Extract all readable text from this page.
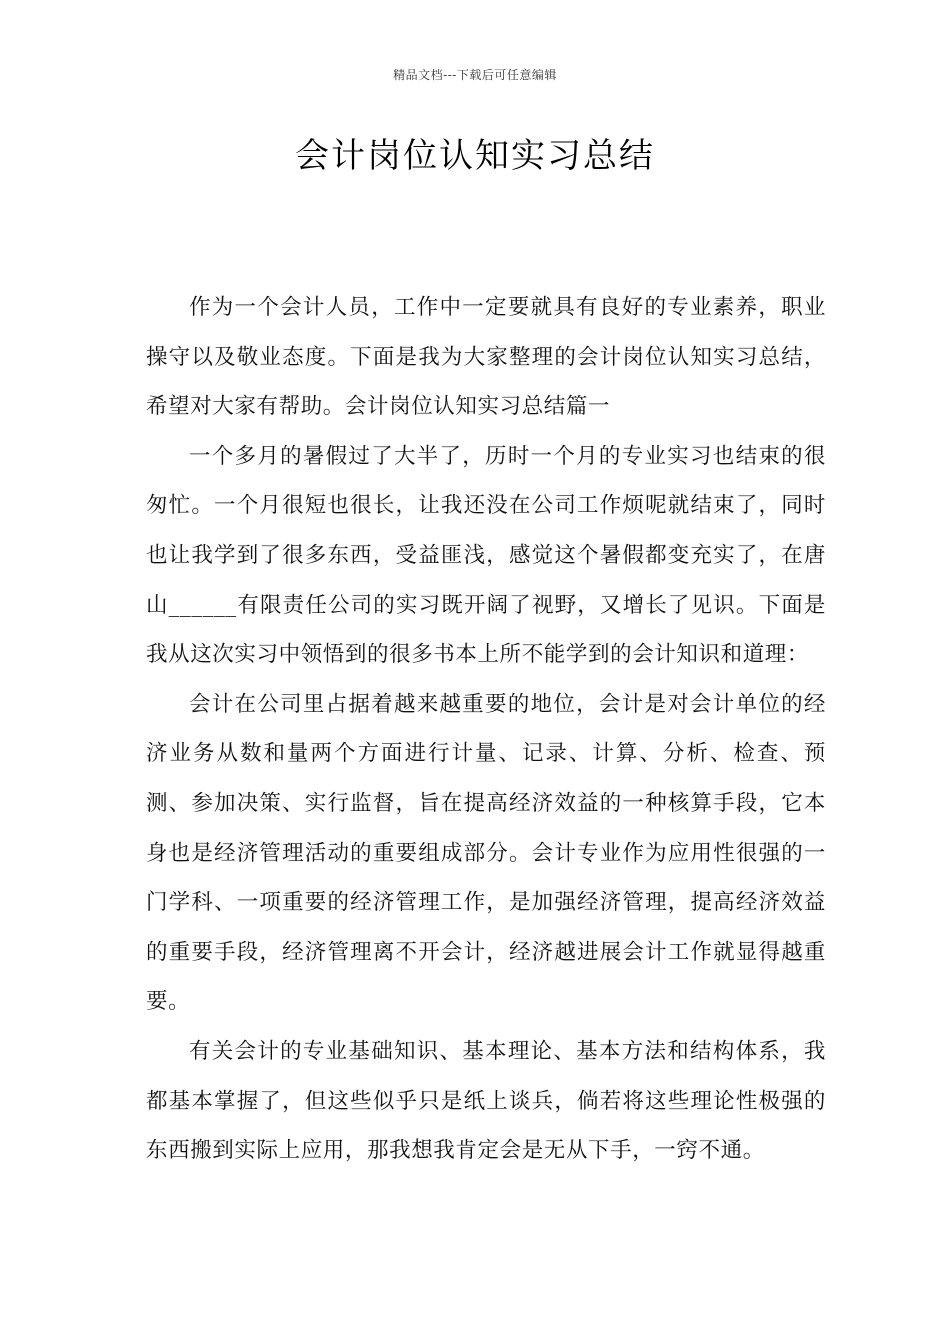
精品文档---下载后可任意编辑
会计岗位认知实习总结

作为一个会计人员，工作中一定要就具有良好的专业素养，职业操守以及敬业态度。下面是我为大家整理的会计岗位认知实习总结，希望对大家有帮助。会计岗位认知实习总结篇一

一个多月的暑假过了大半了，历时一个月的专业实习也结束的很匆忙。一个月很短也很长，让我还没在公司工作烦呢就结束了，同时也让我学到了很多东西，受益匪浅，感觉这个暑假都变充实了，在唐山______有限责任公司的实习既开阔了视野，又增长了见识。下面是我从这次实习中领悟到的很多书本上所不能学到的会计知识和道理：

会计在公司里占据着越来越重要的地位，会计是对会计单位的经济业务从数和量两个方面进行计量、记录、计算、分析、检查、预测、参加决策、实行监督，旨在提高经济效益的一种核算手段，它本身也是经济管理活动的重要组成部分。会计专业作为应用性很强的一门学科、一项重要的经济管理工作，是加强经济管理，提高经济效益的重要手段，经济管理离不开会计，经济越进展会计工作就显得越重要。

有关会计的专业基础知识、基本理论、基本方法和结构体系，我都基本掌握了，但这些似乎只是纸上谈兵，倘若将这些理论性极强的东西搬到实际上应用，那我想我肯定会是无从下手，一窍不通。
